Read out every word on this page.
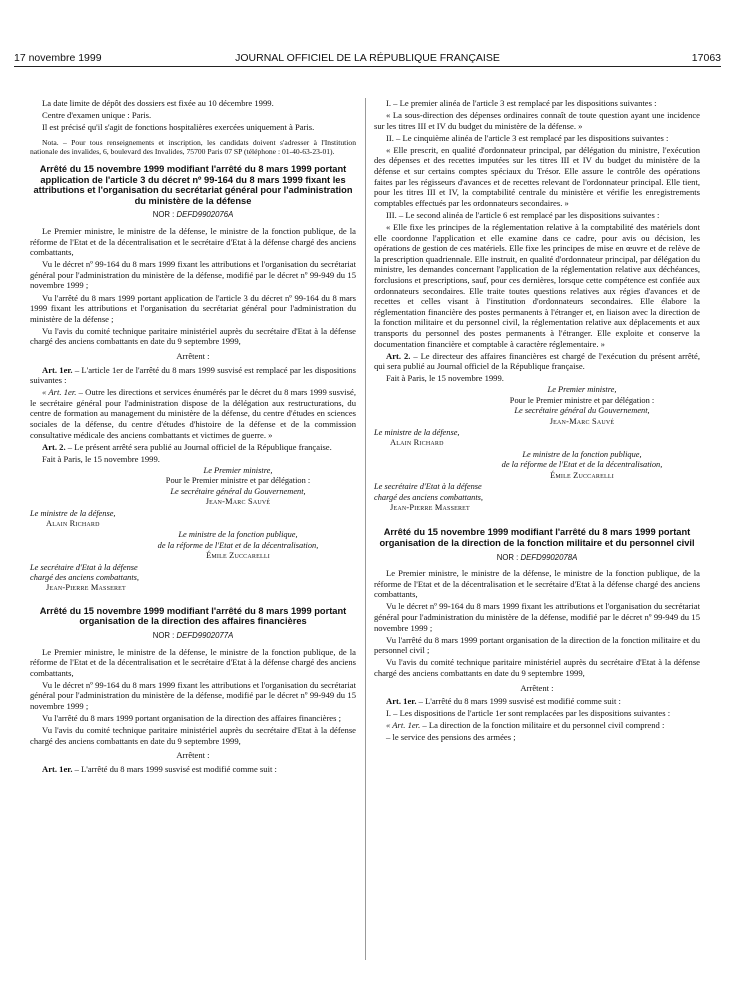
17 novembre 1999	JOURNAL OFFICIEL DE LA RÉPUBLIQUE FRANÇAISE	17063

La date limite de dépôt des dossiers est fixée au 10 décembre 1999.

Centre d'examen unique : Paris.

Il est précisé qu'il s'agit de fonctions hospitalières exercées uniquement à Paris.

Nota. – Pour tous renseignements et inscription, les candidats doivent s'adresser à l'Institution nationale des invalides, 6, boulevard des Invalides, 75700 Paris 07 SP (téléphone : 01-40-63-23-01).

Arrêté du 15 novembre 1999 modifiant l'arrêté du 8 mars 1999 portant application de l'article 3 du décret nº 99-164 du 8 mars 1999 fixant les attributions et l'organisation du secrétariat général pour l'administration du ministère de la défense
NOR : DEFD9902076A

Le Premier ministre, le ministre de la défense, le ministre de la fonction publique, de la réforme de l'Etat et de la décentralisation et le secrétaire d'Etat à la défense chargé des anciens combattants,

Vu le décret nº 99-164 du 8 mars 1999 fixant les attributions et l'organisation du secrétariat général pour l'administration du ministère de la défense, modifié par le décret nº 99-949 du 15 novembre 1999 ;

Vu l'arrêté du 8 mars 1999 portant application de l'article 3 du décret nº 99-164 du 8 mars 1999 fixant les attributions et l'organisation du secrétariat général pour l'administration du ministère de la défense ;

Vu l'avis du comité technique paritaire ministériel auprès du secrétaire d'Etat à la défense chargé des anciens combattants en date du 9 septembre 1999,

Arrêtent :

Art. 1er. – L'article 1er de l'arrêté du 8 mars 1999 susvisé est remplacé par les dispositions suivantes :

« Art. 1er. – Outre les directions et services énumérés par le décret du 8 mars 1999 susvisé, le secrétaire général pour l'administration dispose de la délégation aux restructurations, du centre de formation au management du ministère de la défense, du centre d'études en sciences sociales de la défense, du centre d'études d'histoire de la défense et de la commission consultative médicale des anciens combattants et victimes de guerre. »

Art. 2. – Le présent arrêté sera publié au Journal officiel de la République française.

Fait à Paris, le 15 novembre 1999.

Le Premier ministre,
Pour le Premier ministre et par délégation :
Le secrétaire général du Gouvernement,
Jean-Marc Sauvé
Le ministre de la défense,
Alain Richard
Le ministre de la fonction publique,
de la réforme de l'Etat et de la décentralisation,
Émile Zuccarelli
Le secrétaire d'Etat à la défense
chargé des anciens combattants,
Jean-Pierre Masseret
Arrêté du 15 novembre 1999 modifiant l'arrêté du 8 mars 1999 portant organisation de la direction des affaires financières
NOR : DEFD9902077A

Le Premier ministre, le ministre de la défense, le ministre de la fonction publique, de la réforme de l'Etat et de la décentralisation et le secrétaire d'Etat à la défense chargé des anciens combattants,

Vu le décret nº 99-164 du 8 mars 1999 fixant les attributions et l'organisation du secrétariat général pour l'administration du ministère de la défense, modifié par le décret nº 99-949 du 15 novembre 1999 ;

Vu l'arrêté du 8 mars 1999 portant organisation de la direction des affaires financières ;

Vu l'avis du comité technique paritaire ministériel auprès du secrétaire d'Etat à la défense chargé des anciens combattants en date du 9 septembre 1999,

Arrêtent :

Art. 1er. – L'arrêté du 8 mars 1999 susvisé est modifié comme suit :

I. – Le premier alinéa de l'article 3 est remplacé par les dispositions suivantes :

« La sous-direction des dépenses ordinaires connaît de toute question ayant une incidence sur les titres III et IV du budget du ministère de la défense. »

II. – Le cinquième alinéa de l'article 3 est remplacé par les dispositions suivantes :

« Elle prescrit, en qualité d'ordonnateur principal, par délégation du ministre, l'exécution des dépenses et des recettes imputées sur les titres III et IV du budget du ministère de la défense et sur certains comptes spéciaux du Trésor. Elle assure le contrôle des opérations faites par les régisseurs d'avances et de recettes relevant de l'ordonnateur principal. Elle tient, pour les titres III et IV, la comptabilité centrale du ministère et vérifie les enregistrements comptables effectués par les ordonnateurs secondaires. »

III. – Le second alinéa de l'article 6 est remplacé par les dispositions suivantes :

« Elle fixe les principes de la réglementation relative à la comptabilité des matériels dont elle coordonne l'application et elle examine dans ce cadre, pour avis ou décision, les opérations de gestion de ces matériels. Elle fixe les principes de mise en œuvre et de relève de la prescription quadriennale. Elle instruit, en qualité d'ordonnateur principal, par délégation du ministre, les demandes concernant l'application de la réglementation relative aux déchéances, forclusions et prescriptions, sauf, pour ces dernières, lorsque cette compétence est confiée aux ordonnateurs secondaires. Elle traite toutes questions relatives aux régies d'avances et de recettes et celles visant à l'institution d'ordonnateurs secondaires. Elle élabore la réglementation financière des postes permanents à l'étranger et, en liaison avec la direction de la fonction militaire et du personnel civil, la réglementation relative aux déplacements et aux transports du personnel des postes permanents à l'étranger. Elle exploite et conserve la documentation financière et comptable à caractère réglementaire. »

Art. 2. – Le directeur des affaires financières est chargé de l'exécution du présent arrêté, qui sera publié au Journal officiel de la République française.

Fait à Paris, le 15 novembre 1999.

Le Premier ministre,
Pour le Premier ministre et par délégation :
Le secrétaire général du Gouvernement,
Jean-Marc Sauvé
Le ministre de la défense,
Alain Richard
Le ministre de la fonction publique,
de la réforme de l'Etat et de la décentralisation,
Émile Zuccarelli
Le secrétaire d'Etat à la défense
chargé des anciens combattants,
Jean-Pierre Masseret
Arrêté du 15 novembre 1999 modifiant l'arrêté du 8 mars 1999 portant organisation de la direction de la fonction militaire et du personnel civil
NOR : DEFD9902078A

Le Premier ministre, le ministre de la défense, le ministre de la fonction publique, de la réforme de l'Etat et de la décentralisation et le secrétaire d'Etat à la défense chargé des anciens combattants,

Vu le décret nº 99-164 du 8 mars 1999 fixant les attributions et l'organisation du secrétariat général pour l'administration du ministère de la défense, modifié par le décret nº 99-949 du 15 novembre 1999 ;

Vu l'arrêté du 8 mars 1999 portant organisation de la direction de la fonction militaire et du personnel civil ;

Vu l'avis du comité technique paritaire ministériel auprès du secrétaire d'Etat à la défense chargé des anciens combattants en date du 9 septembre 1999,

Arrêtent :

Art. 1er. – L'arrêté du 8 mars 1999 susvisé est modifié comme suit :

I. – Les dispositions de l'article 1er sont remplacées par les dispositions suivantes :

« Art. 1er. – La direction de la fonction militaire et du personnel civil comprend :

– le service des pensions des armées ;
